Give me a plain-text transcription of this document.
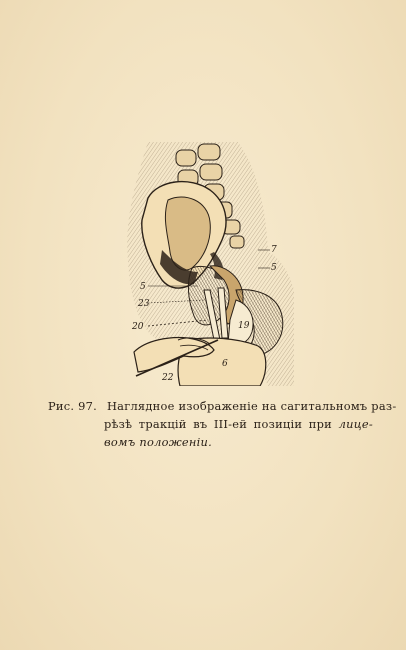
7
5
5
23
20	19
6
22
Рис. 97. Наглядное изображеніе на сагитальномъ раз-
рѣзѣ тракцій въ III-ей позиціи при лице-
вомъ положеніи.
